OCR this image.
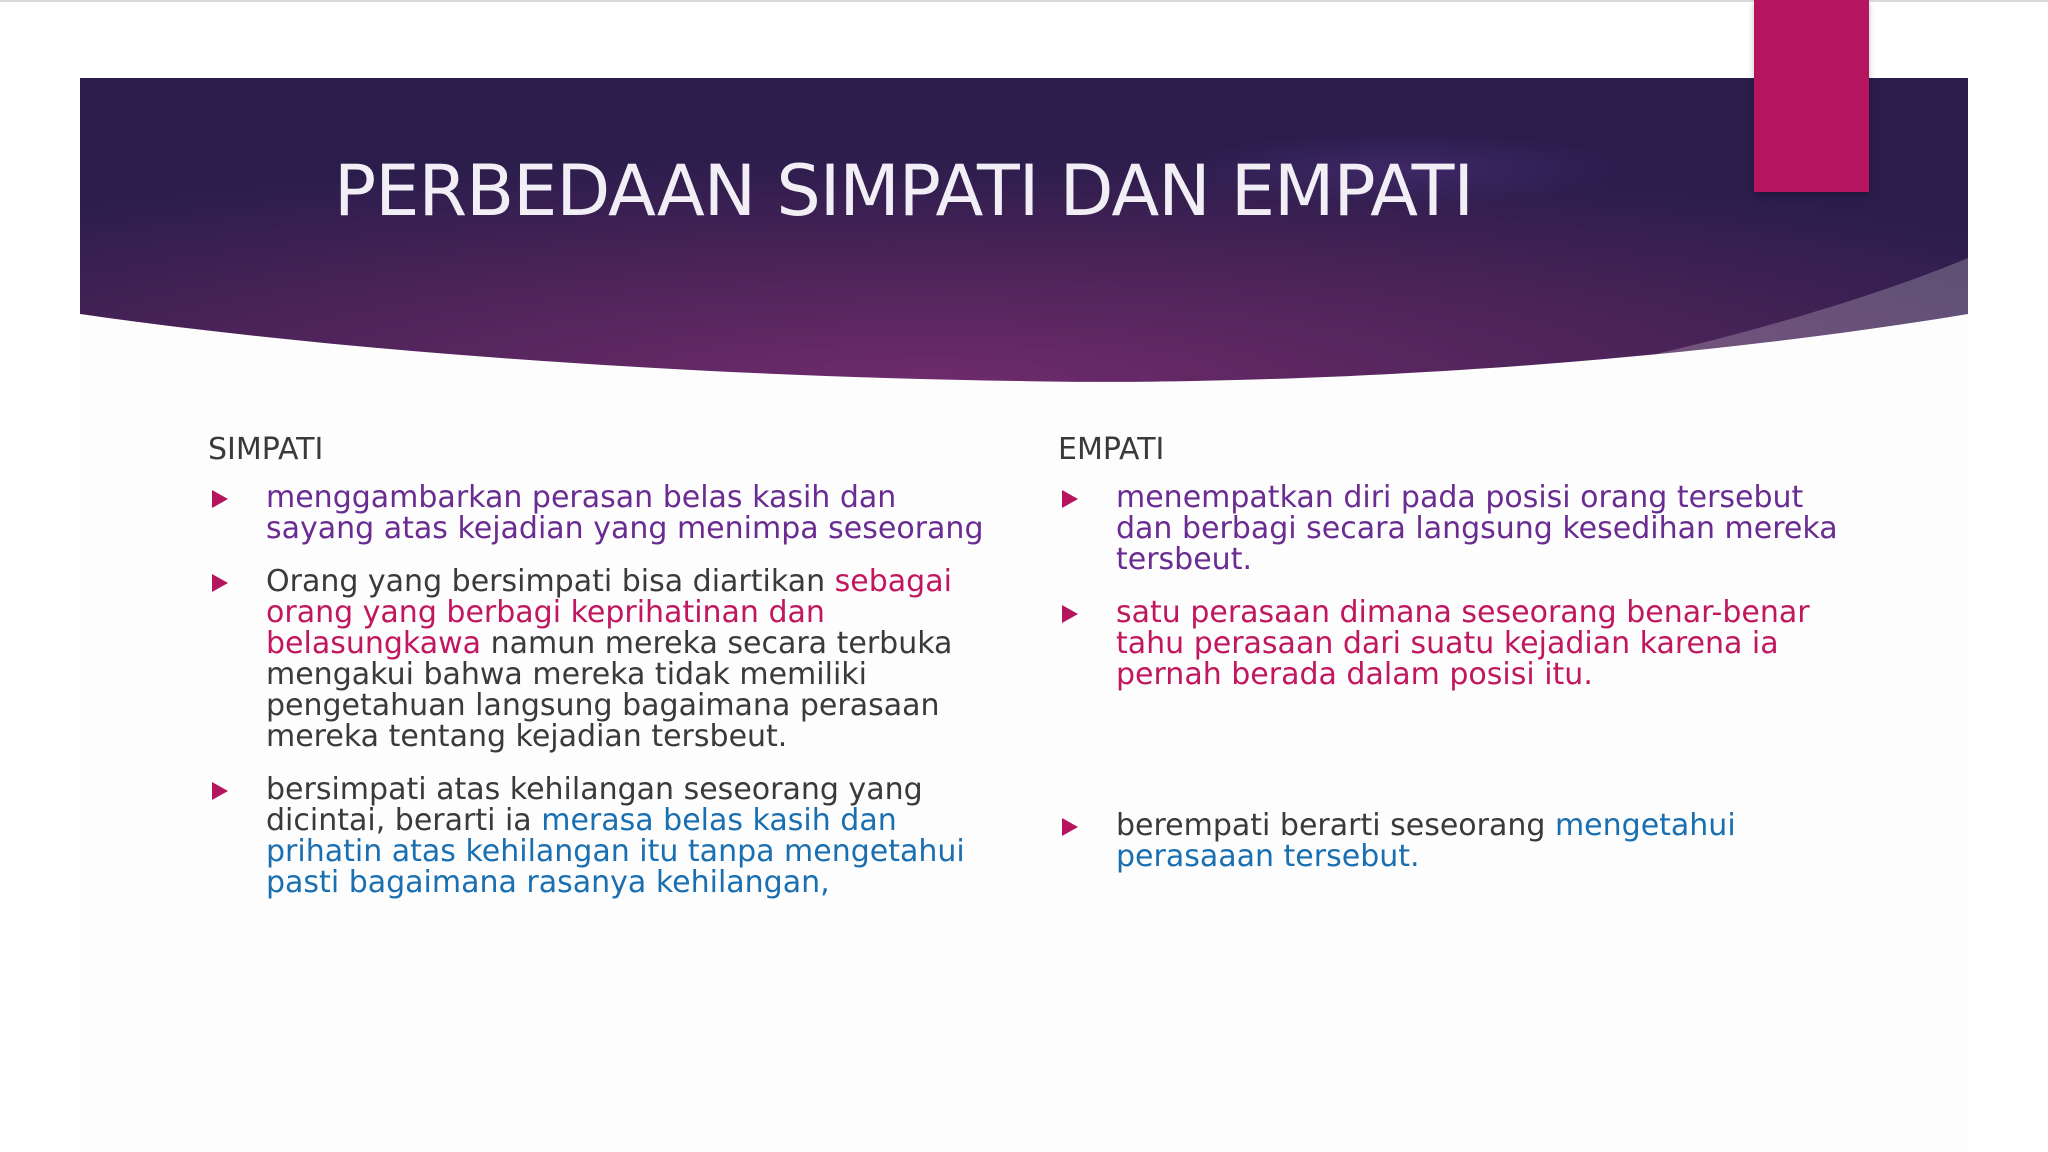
PERBEDAAN SIMPATI DAN EMPATI
SIMPATI
menggambarkan perasan belas kasih dan sayang atas kejadian yang menimpa seseorang
Orang yang bersimpati bisa diartikan sebagai orang yang berbagi keprihatinan dan belasungkawa namun mereka secara terbuka mengakui bahwa mereka tidak memiliki pengetahuan langsung bagaimana perasaan mereka tentang kejadian tersbeut.
bersimpati atas kehilangan seseorang yang dicintai, berarti ia merasa belas kasih dan prihatin atas kehilangan itu tanpa mengetahui pasti bagaimana rasanya kehilangan,
EMPATI
menempatkan diri pada posisi orang tersebut dan berbagi secara langsung kesedihan mereka tersbeut.
satu perasaan dimana seseorang benar-benar tahu perasaan dari suatu kejadian karena ia pernah berada dalam posisi itu.
berempati berarti seseorang mengetahui perasaaan tersebut.
